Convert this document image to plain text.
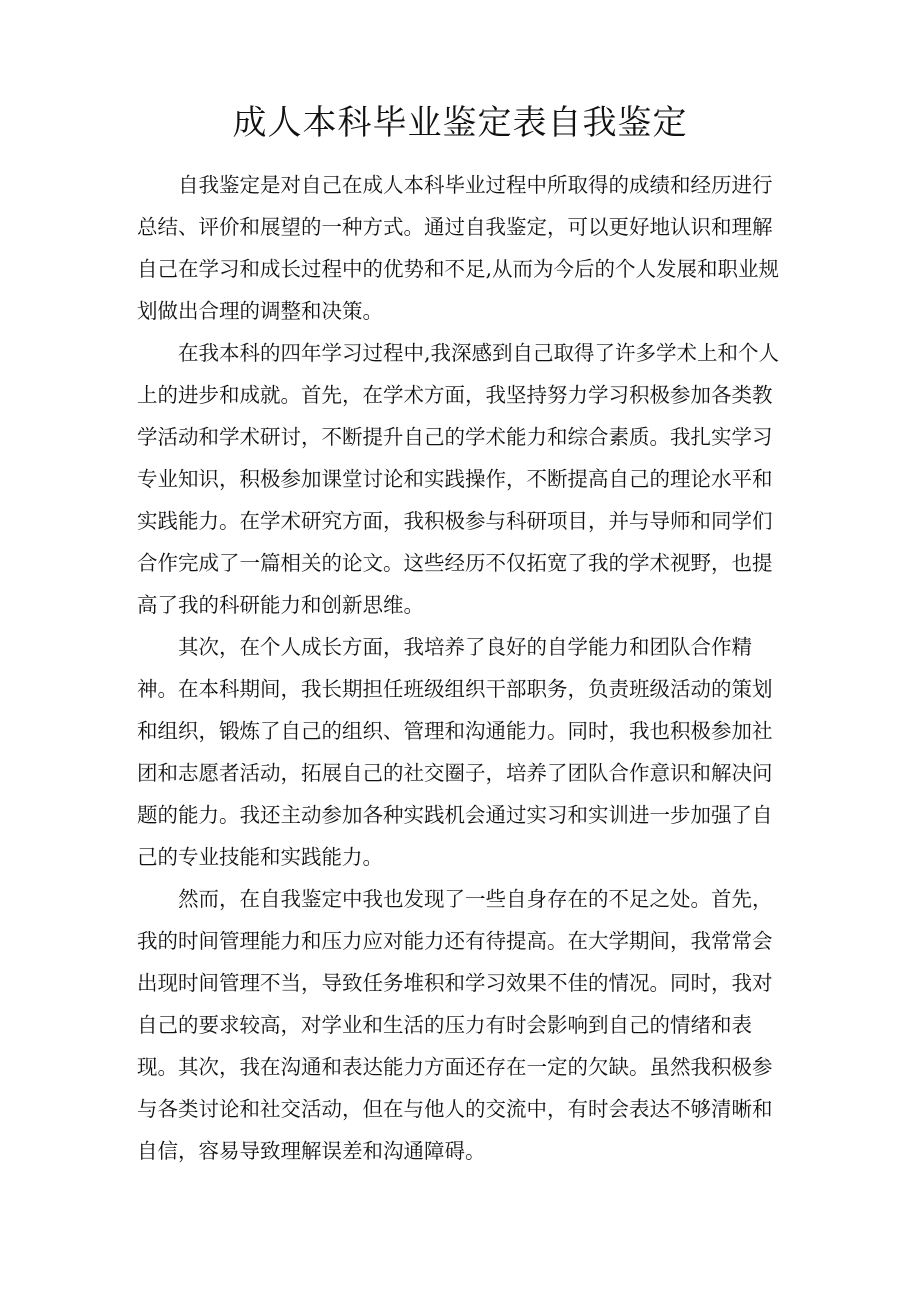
成人本科毕业鉴定表自我鉴定

自我鉴定是对自己在成人本科毕业过程中所取得的成绩和经历进行总结、评价和展望的一种方式。通过自我鉴定，可以更好地认识和理解自己在学习和成长过程中的优势和不足,从而为今后的个人发展和职业规划做出合理的调整和决策。

在我本科的四年学习过程中,我深感到自己取得了许多学术上和个人上的进步和成就。首先，在学术方面，我坚持努力学习积极参加各类教学活动和学术研讨，不断提升自己的学术能力和综合素质。我扎实学习专业知识，积极参加课堂讨论和实践操作，不断提高自己的理论水平和实践能力。在学术研究方面，我积极参与科研项目，并与导师和同学们合作完成了一篇相关的论文。这些经历不仅拓宽了我的学术视野，也提高了我的科研能力和创新思维。

其次，在个人成长方面，我培养了良好的自学能力和团队合作精神。在本科期间，我长期担任班级组织干部职务，负责班级活动的策划和组织，锻炼了自己的组织、管理和沟通能力。同时，我也积极参加社团和志愿者活动，拓展自己的社交圈子，培养了团队合作意识和解决问题的能力。我还主动参加各种实践机会通过实习和实训进一步加强了自己的专业技能和实践能力。

然而，在自我鉴定中我也发现了一些自身存在的不足之处。首先，我的时间管理能力和压力应对能力还有待提高。在大学期间，我常常会出现时间管理不当，导致任务堆积和学习效果不佳的情况。同时，我对自己的要求较高，对学业和生活的压力有时会影响到自己的情绪和表现。其次，我在沟通和表达能力方面还存在一定的欠缺。虽然我积极参与各类讨论和社交活动，但在与他人的交流中，有时会表达不够清晰和自信，容易导致理解误差和沟通障碍。
